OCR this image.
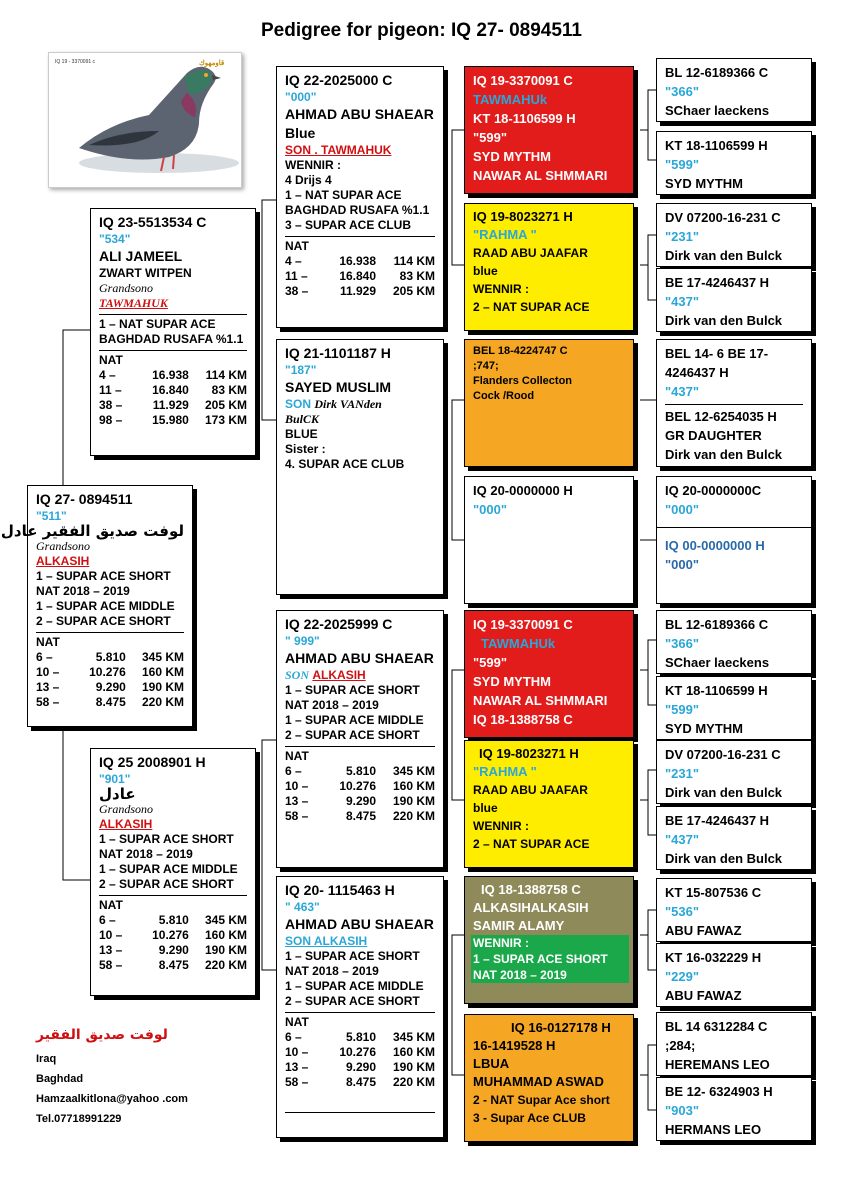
Pedigree for pigeon: IQ 27- 0894511
IQ 19 - 3370091 c	قاومهوك
IQ 27- 0894511
"511"
لوفت صديق الفقير عادل
Grandsono
ALKASIH
1 – SUPAR ACE SHORT
NAT 2018 – 2019
1 – SUPAR ACE MIDDLE
2 – SUPAR ACE SHORT
NAT
6 –	5.810	345 KM
10 –	10.276	160 KM
13 –	9.290	190 KM
58 –	8.475	220 KM
IQ 23-5513534 C
"534"
ALI JAMEEL
ZWART WITPEN
Grandsono
TAWMAHUK
1 – NAT SUPAR ACE
BAGHDAD RUSAFA %1.1
NAT
4 –	16.938	114 KM
11 –	16.840	83 KM
38 –	11.929	205 KM
98 –	15.980	173 KM
IQ 25 2008901 H
"901"
عادل
Grandsono
ALKASIH
1 – SUPAR ACE SHORT
NAT 2018 – 2019
1 – SUPAR ACE MIDDLE
2 – SUPAR ACE SHORT
NAT
6 –	5.810	345 KM
10 –	10.276	160 KM
13 –	9.290	190 KM
58 –	8.475	220 KM
IQ 22-2025000 C
"000"
AHMAD ABU SHAEAR
Blue
SON . TAWMAHUK
WENNIR :
4 Drijs 4
1 – NAT SUPAR ACE
BAGHDAD RUSAFA %1.1
3 – SUPAR ACE CLUB
NAT
4 –	16.938	114 KM
11 –	16.840	83 KM
38 –	11.929	205 KM
IQ 21-1101187 H
"187"
SAYED MUSLIM
SON Dirk VANden
BulCK
BLUE
Sister :
4. SUPAR ACE CLUB
IQ 22-2025999 C
" 999"
AHMAD ABU SHAEAR
SON ALKASIH
1 – SUPAR ACE SHORT
NAT 2018 – 2019
1 – SUPAR ACE MIDDLE
2 – SUPAR ACE SHORT
NAT
6 –	5.810	345 KM
10 –	10.276	160 KM
13 –	9.290	190 KM
58 –	8.475	220 KM
IQ 20- 1115463 H
" 463"
AHMAD ABU SHAEAR
SON ALKASIH
1 – SUPAR ACE SHORT
NAT 2018 – 2019
1 – SUPAR ACE MIDDLE
2 – SUPAR ACE SHORT
NAT
6 –	5.810	345 KM
10 –	10.276	160 KM
13 –	9.290	190 KM
58 –	8.475	220 KM
IQ 19-3370091 C
TAWMAHUk
KT 18-1106599 H
"599"
SYD MYTHM
NAWAR AL SHMMARI
IQ 19-8023271 H
"RAHMA "
RAAD ABU JAAFAR
blue
WENNIR :
2 – NAT SUPAR ACE
BEL 18-4224747 C
;747;
Flanders Collecton
Cock /Rood
IQ 20-0000000 H
"000"
IQ 19-3370091 C
TAWMAHUk
"599"
SYD MYTHM
NAWAR AL SHMMARI
IQ 18-1388758 C
IQ 19-8023271 H
"RAHMA "
RAAD ABU JAAFAR
blue
WENNIR :
2 – NAT SUPAR ACE
IQ 18-1388758 C
ALKASIHALKASIH
SAMIR ALAMY
WENNIR :
1 – SUPAR ACE SHORT
NAT 2018 – 2019
IQ 16-0127178 H
16-1419528 H
LBUA
MUHAMMAD ASWAD
2 - NAT Supar Ace short
3 - Supar Ace CLUB
BL 12-6189366 C
"366"
SChaer laeckens
KT 18-1106599 H
"599"
SYD MYTHM
DV 07200-16-231 C
"231"
Dirk van den Bulck
BE 17-4246437 H
"437"
Dirk van den Bulck
BEL 14- 6 BE 17-
4246437 H
"437"
BEL 12-6254035 H
GR DAUGHTER
Dirk van den Bulck
IQ 20-0000000C
"000"
IQ 00-0000000 H
"000"
BL 12-6189366 C
"366"
SChaer laeckens
KT 18-1106599 H
"599"
SYD MYTHM
DV 07200-16-231 C
"231"
Dirk van den Bulck
BE 17-4246437 H
"437"
Dirk van den Bulck
KT 15-807536 C
"536"
ABU FAWAZ
KT 16-032229 H
"229"
ABU FAWAZ
BL 14 6312284 C
;284;
HEREMANS LEO
BE 12- 6324903 H
"903"
HERMANS LEO
لوفت صديق الفقير
Iraq
Baghdad
Hamzaalkitlona@yahoo .com
Tel.07718991229
